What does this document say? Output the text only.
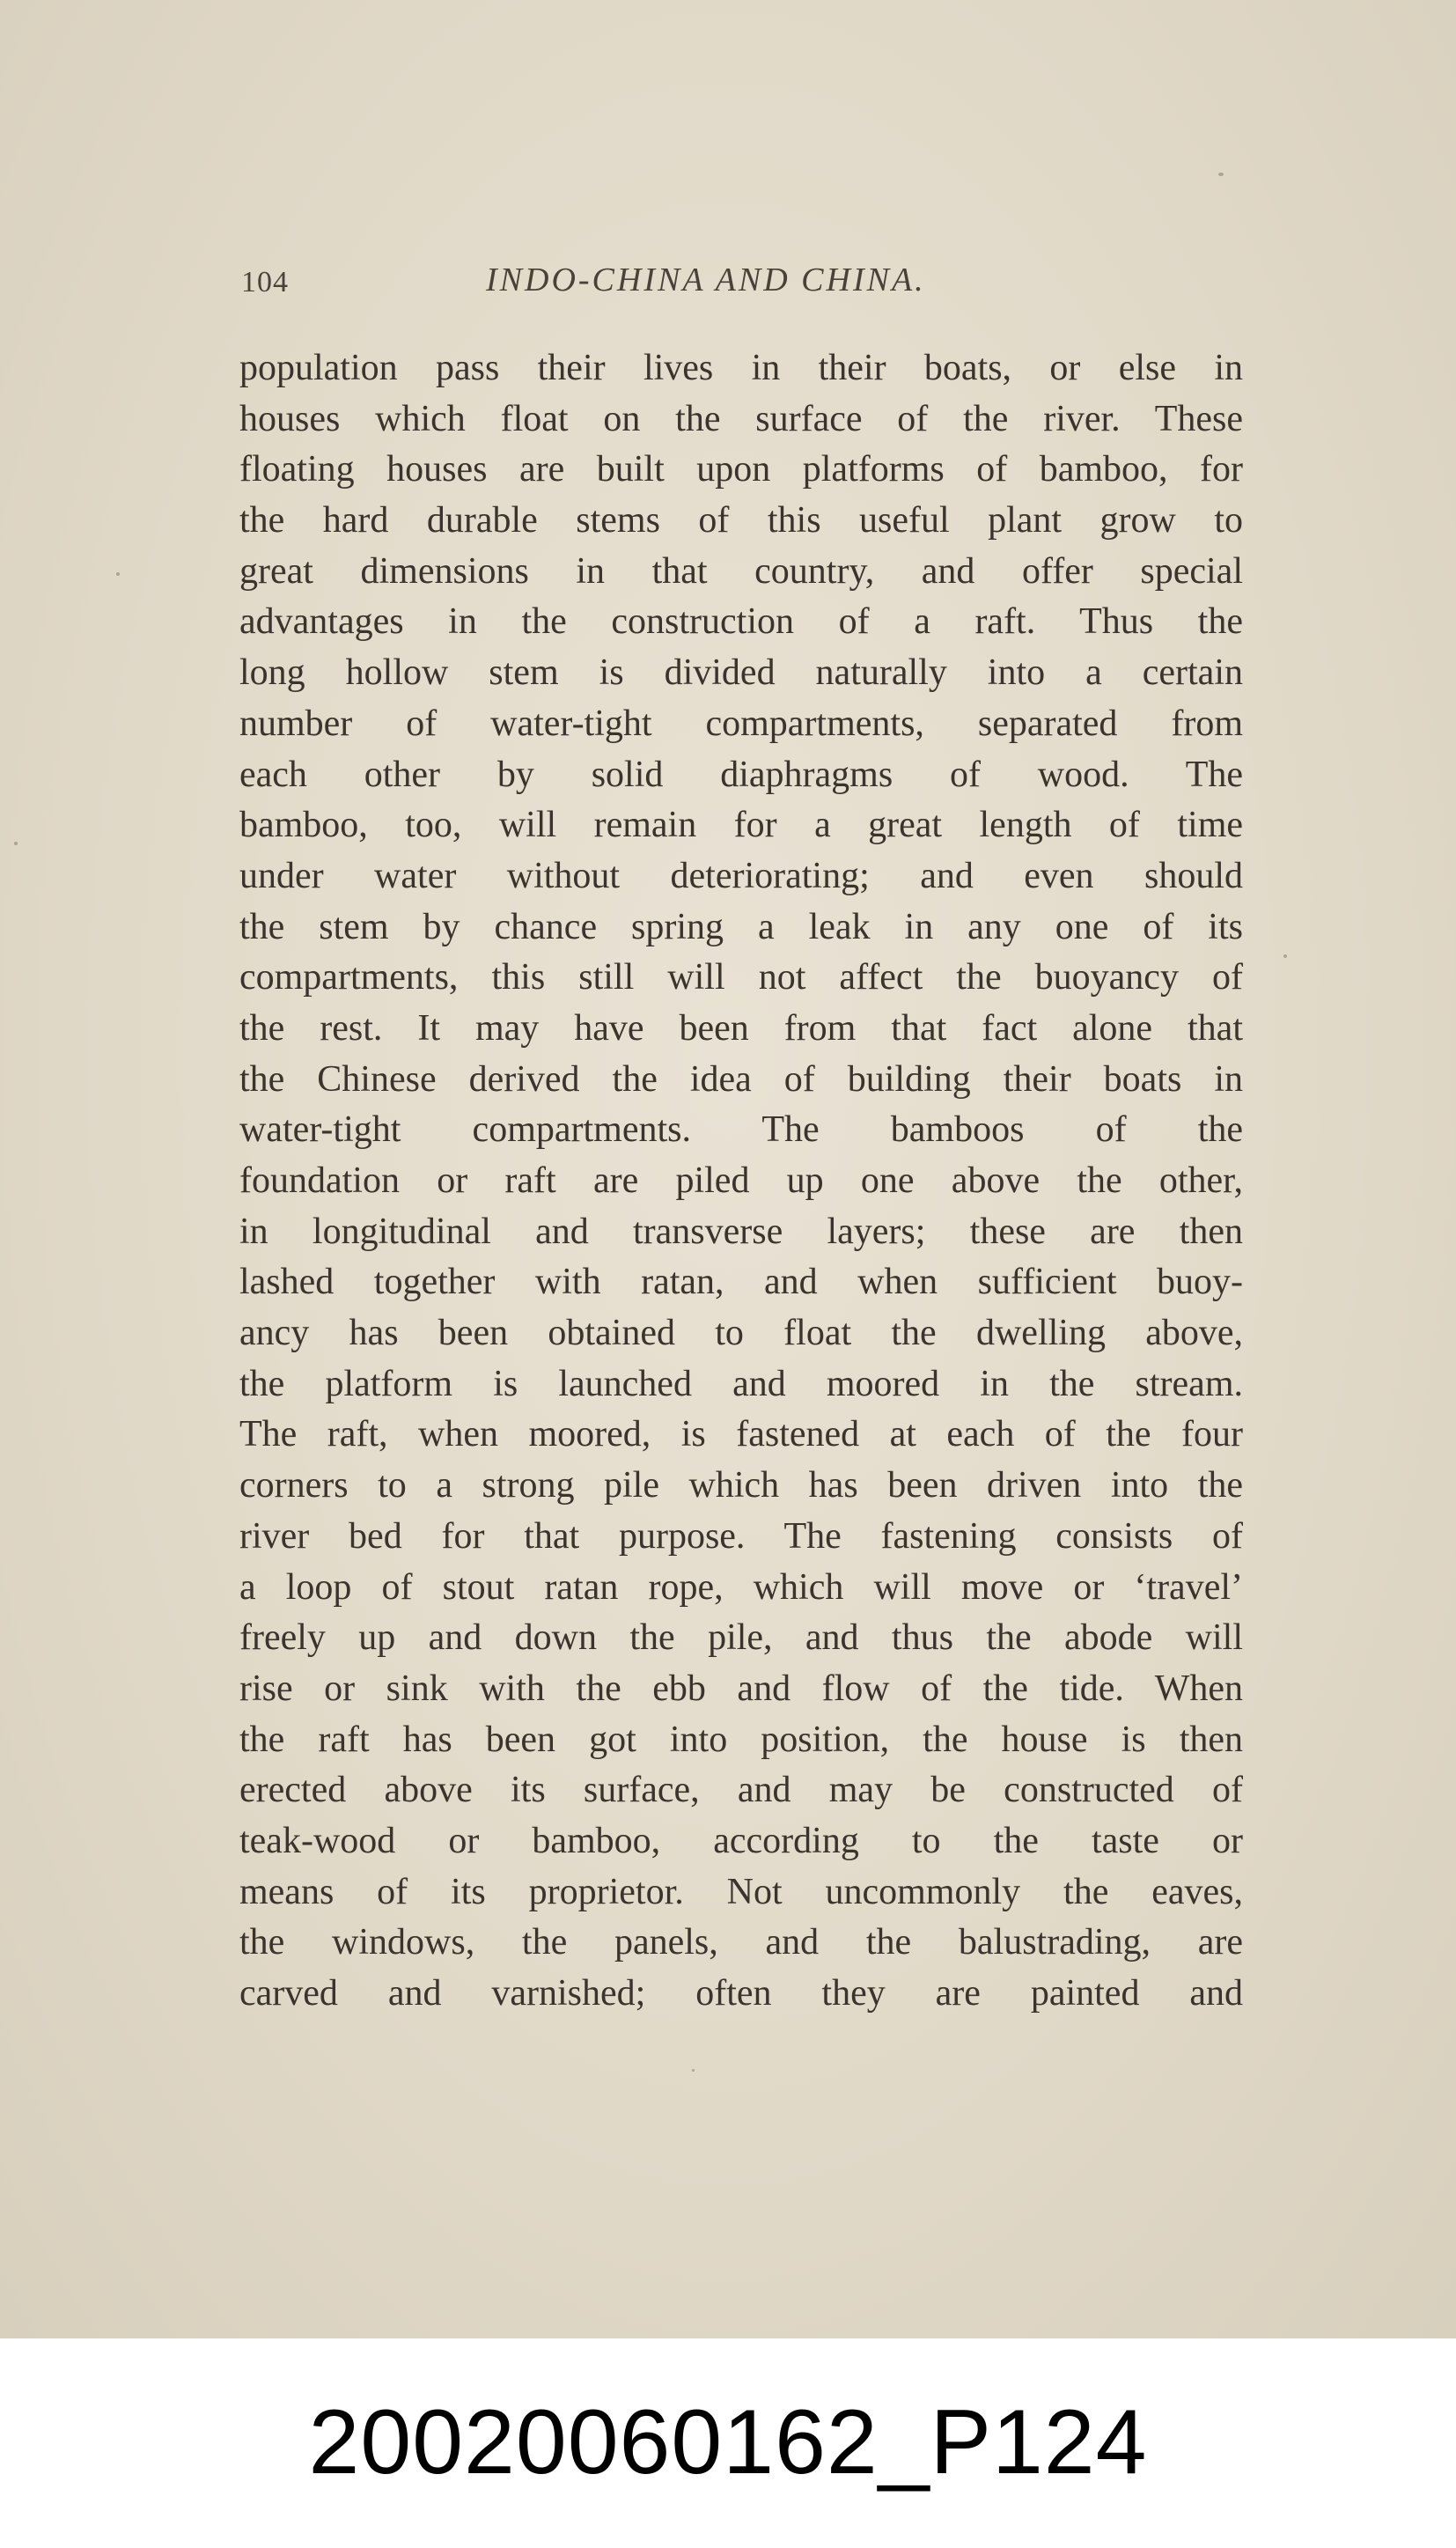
104	INDO-CHINA AND CHINA.
population pass their lives in their boats, or else in
houses which float on the surface of the river. These
floating houses are built upon platforms of bamboo, for
the hard durable stems of this useful plant grow to
great dimensions in that country, and offer special
advantages in the construction of a raft. Thus the
long hollow stem is divided naturally into a certain
number of water-tight compartments, separated from
each other by solid diaphragms of wood. The
bamboo, too, will remain for a great length of time
under water without deteriorating; and even should
the stem by chance spring a leak in any one of its
compartments, this still will not affect the buoyancy of
the rest. It may have been from that fact alone that
the Chinese derived the idea of building their boats in
water-tight compartments. The bamboos of the
foundation or raft are piled up one above the other,
in longitudinal and transverse layers; these are then
lashed together with ratan, and when sufficient buoy-
ancy has been obtained to float the dwelling above,
the platform is launched and moored in the stream.
The raft, when moored, is fastened at each of the four
corners to a strong pile which has been driven into the
river bed for that purpose. The fastening consists of
a loop of stout ratan rope, which will move or ‘travel’
freely up and down the pile, and thus the abode will
rise or sink with the ebb and flow of the tide. When
the raft has been got into position, the house is then
erected above its surface, and may be constructed of
teak-wood or bamboo, according to the taste or
means of its proprietor. Not uncommonly the eaves,
the windows, the panels, and the balustrading, are
carved and varnished; often they are painted and
20020060162_P124
